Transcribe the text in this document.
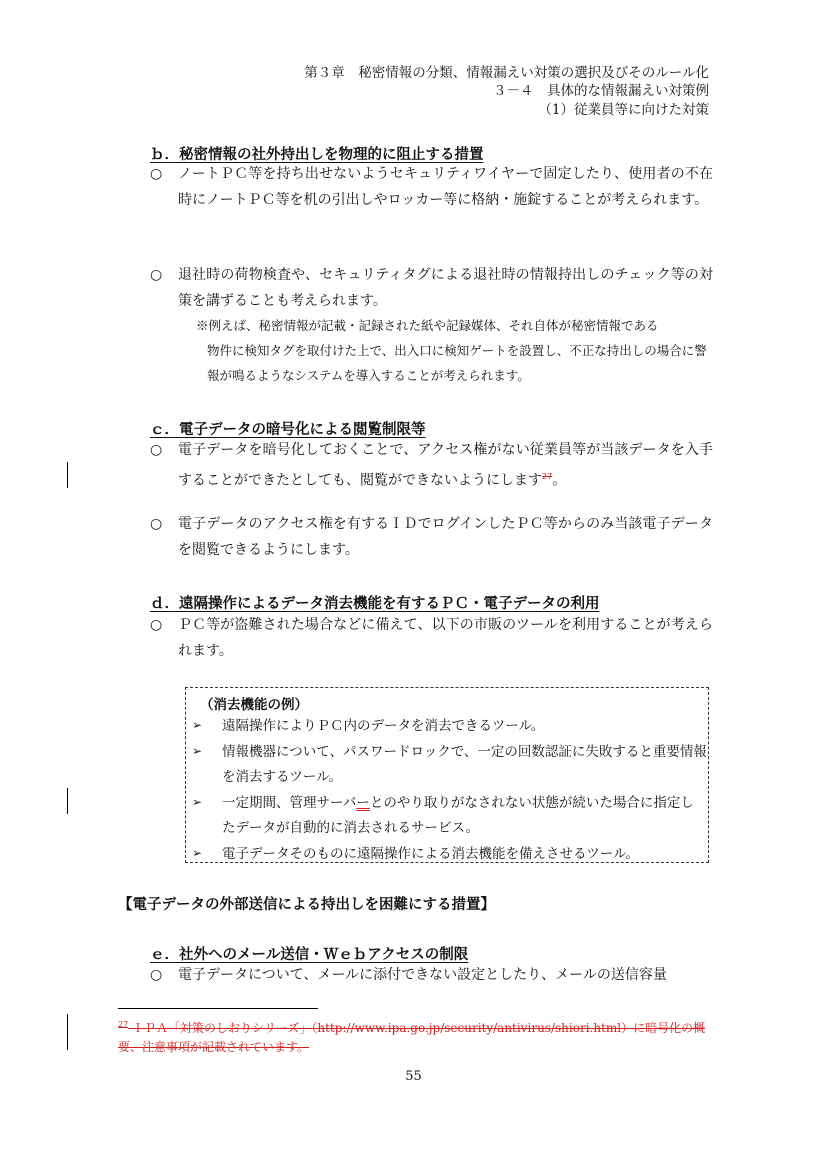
第３章　秘密情報の分類、情報漏えい対策の選択及びそのルール化
３－４　具体的な情報漏えい対策例
（1）従業員等に向けた対策
ｂ．秘密情報の社外持出しを物理的に阻止する措置
○	ノートＰＣ等を持ち出せないようセキュリティワイヤーで固定したり、使用者の不在時にノートＰＣ等を机の引出しやロッカー等に格納・施錠することが考えられます。
○	退社時の荷物検査や、セキュリティタグによる退社時の情報持出しのチェック等の対策を講ずることも考えられます。
※例えば、秘密情報が記載・記録された紙や記録媒体、それ自体が秘密情報である
物件に検知タグを取付けた上で、出入口に検知ゲートを設置し、不正な持出しの場合に警報が鳴るようなシステムを導入することが考えられます。
ｃ．電子データの暗号化による閲覧制限等
○	電子データを暗号化しておくことで、アクセス権がない従業員等が当該データを入手することができたとしても、閲覧ができないようにします$^{27}$。
○	電子データのアクセス権を有するＩＤでログインしたＰＣ等からのみ当該電子データを閲覧できるようにします。
ｄ．遠隔操作によるデータ消去機能を有するＰＣ・電子データの利用
○	ＰＣ等が盗難された場合などに備えて、以下の市販のツールを利用することが考えられます。
（消去機能の例）
➢ 遠隔操作によりＰＣ内のデータを消去できるツール。
➢ 情報機器について、パスワードロックで、一定の回数認証に失敗すると重要情報を消去するツール。
➢ 一定期間、管理サーバーとのやり取りがなされない状態が続いた場合に指定したデータが自動的に消去されるサービス。
➢ 電子データそのものに遠隔操作による消去機能を備えさせるツール。
【電子データの外部送信による持出しを困難にする措置】
ｅ．社外へのメール送信・Ｗｅｂアクセスの制限
○	電子データについて、メールに添付できない設定としたり、メールの送信容量
$^{27}$ ＩＰＡ「対策のしおりシリーズ」（http://www.ipa.go.jp/security/antivirus/shiori.html）に暗号化の概要、注意事項が記載されています。
55
